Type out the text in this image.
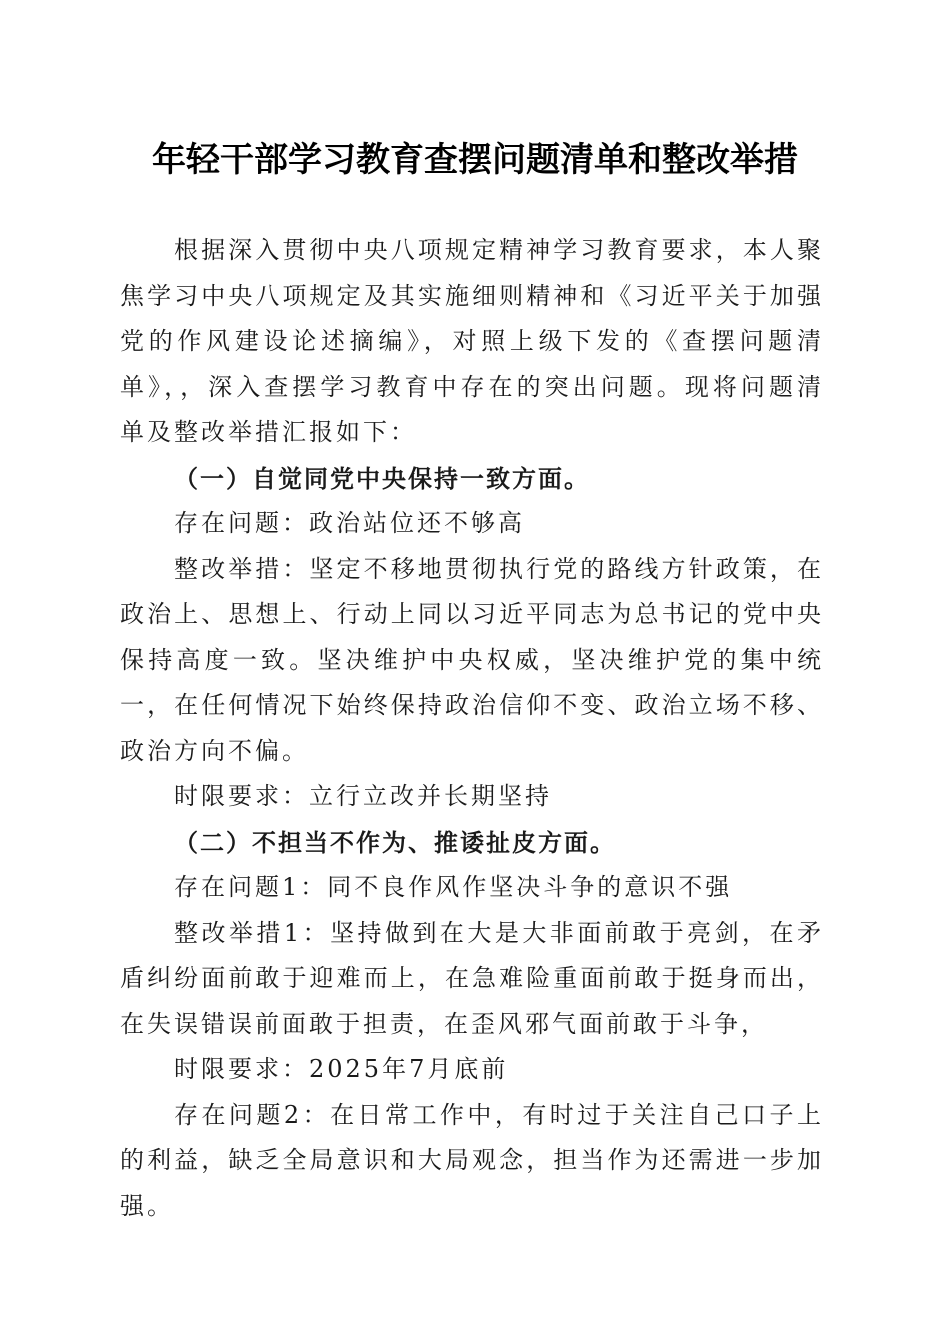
年轻干部学习教育查摆问题清单和整改举措

根据深入贯彻中央八项规定精神学习教育要求，本人聚焦学习中央八项规定及其实施细则精神和《习近平关于加强党的作风建设论述摘编》，对照上级下发的《查摆问题清单》，，深入查摆学习教育中存在的突出问题。现将问题清单及整改举措汇报如下：

（一）自觉同党中央保持一致方面。

存在问题：政治站位还不够高

整改举措：坚定不移地贯彻执行党的路线方针政策，在政治上、思想上、行动上同以习近平同志为总书记的党中央保持高度一致。坚决维护中央权威，坚决维护党的集中统一，在任何情况下始终保持政治信仰不变、政治立场不移、政治方向不偏。

时限要求：立行立改并长期坚持

（二）不担当不作为、推诿扯皮方面。

存在问题1：同不良作风作坚决斗争的意识不强

整改举措1：坚持做到在大是大非面前敢于亮剑，在矛盾纠纷面前敢于迎难而上，在急难险重面前敢于挺身而出，在失误错误前面敢于担责，在歪风邪气面前敢于斗争，

时限要求：2025年7月底前

存在问题2：在日常工作中，有时过于关注自己口子上的利益，缺乏全局意识和大局观念，担当作为还需进一步加强。
